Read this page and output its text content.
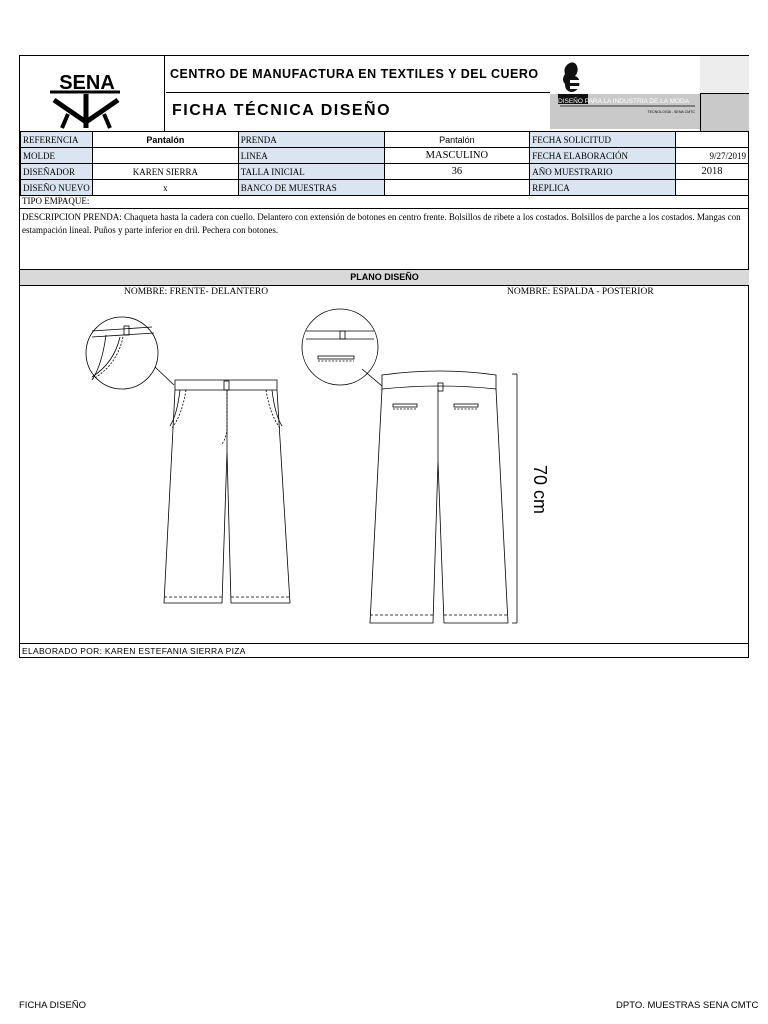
SENA	CENTRO DE MANUFACTURA EN TEXTILES Y DEL CUERO
FICHA TÉCNICA DISEÑO
DISEÑO PARA LA INDUSTRIA DE LA MODA
TECNOLOGÍA - SENA CMTC
REFERENCIA	Pantalón	PRENDA	Pantalón	FECHA SOLICITUD	
MOLDE		LINEA	MASCULINO	FECHA ELABORACIÓN	9/27/2019
DISEÑADOR	KAREN SIERRA	TALLA INICIAL	36	AÑO MUESTRARIO	2018
DISEÑO NUEVO	x	BANCO DE MUESTRAS		REPLICA	
TIPO EMPAQUE:
DESCRIPCION PRENDA: Chaqueta hasta la cadera con cuello. Delantero con extensión de botones en centro frente. Bolsillos de ribete a los costados. Bolsillos de parche a los costados. Mangas con estampación lineal. Puños y parte inferior en dril. Pechera con botones.
PLANO DISEÑO
NOMBRE: FRENTE- DELANTERO	NOMBRE: ESPALDA - POSTERIOR
70 cm
ELABORADO POR: KAREN ESTEFANIA SIERRA PIZA
FICHA DISEÑO	DPTO. MUESTRAS SENA CMTC
